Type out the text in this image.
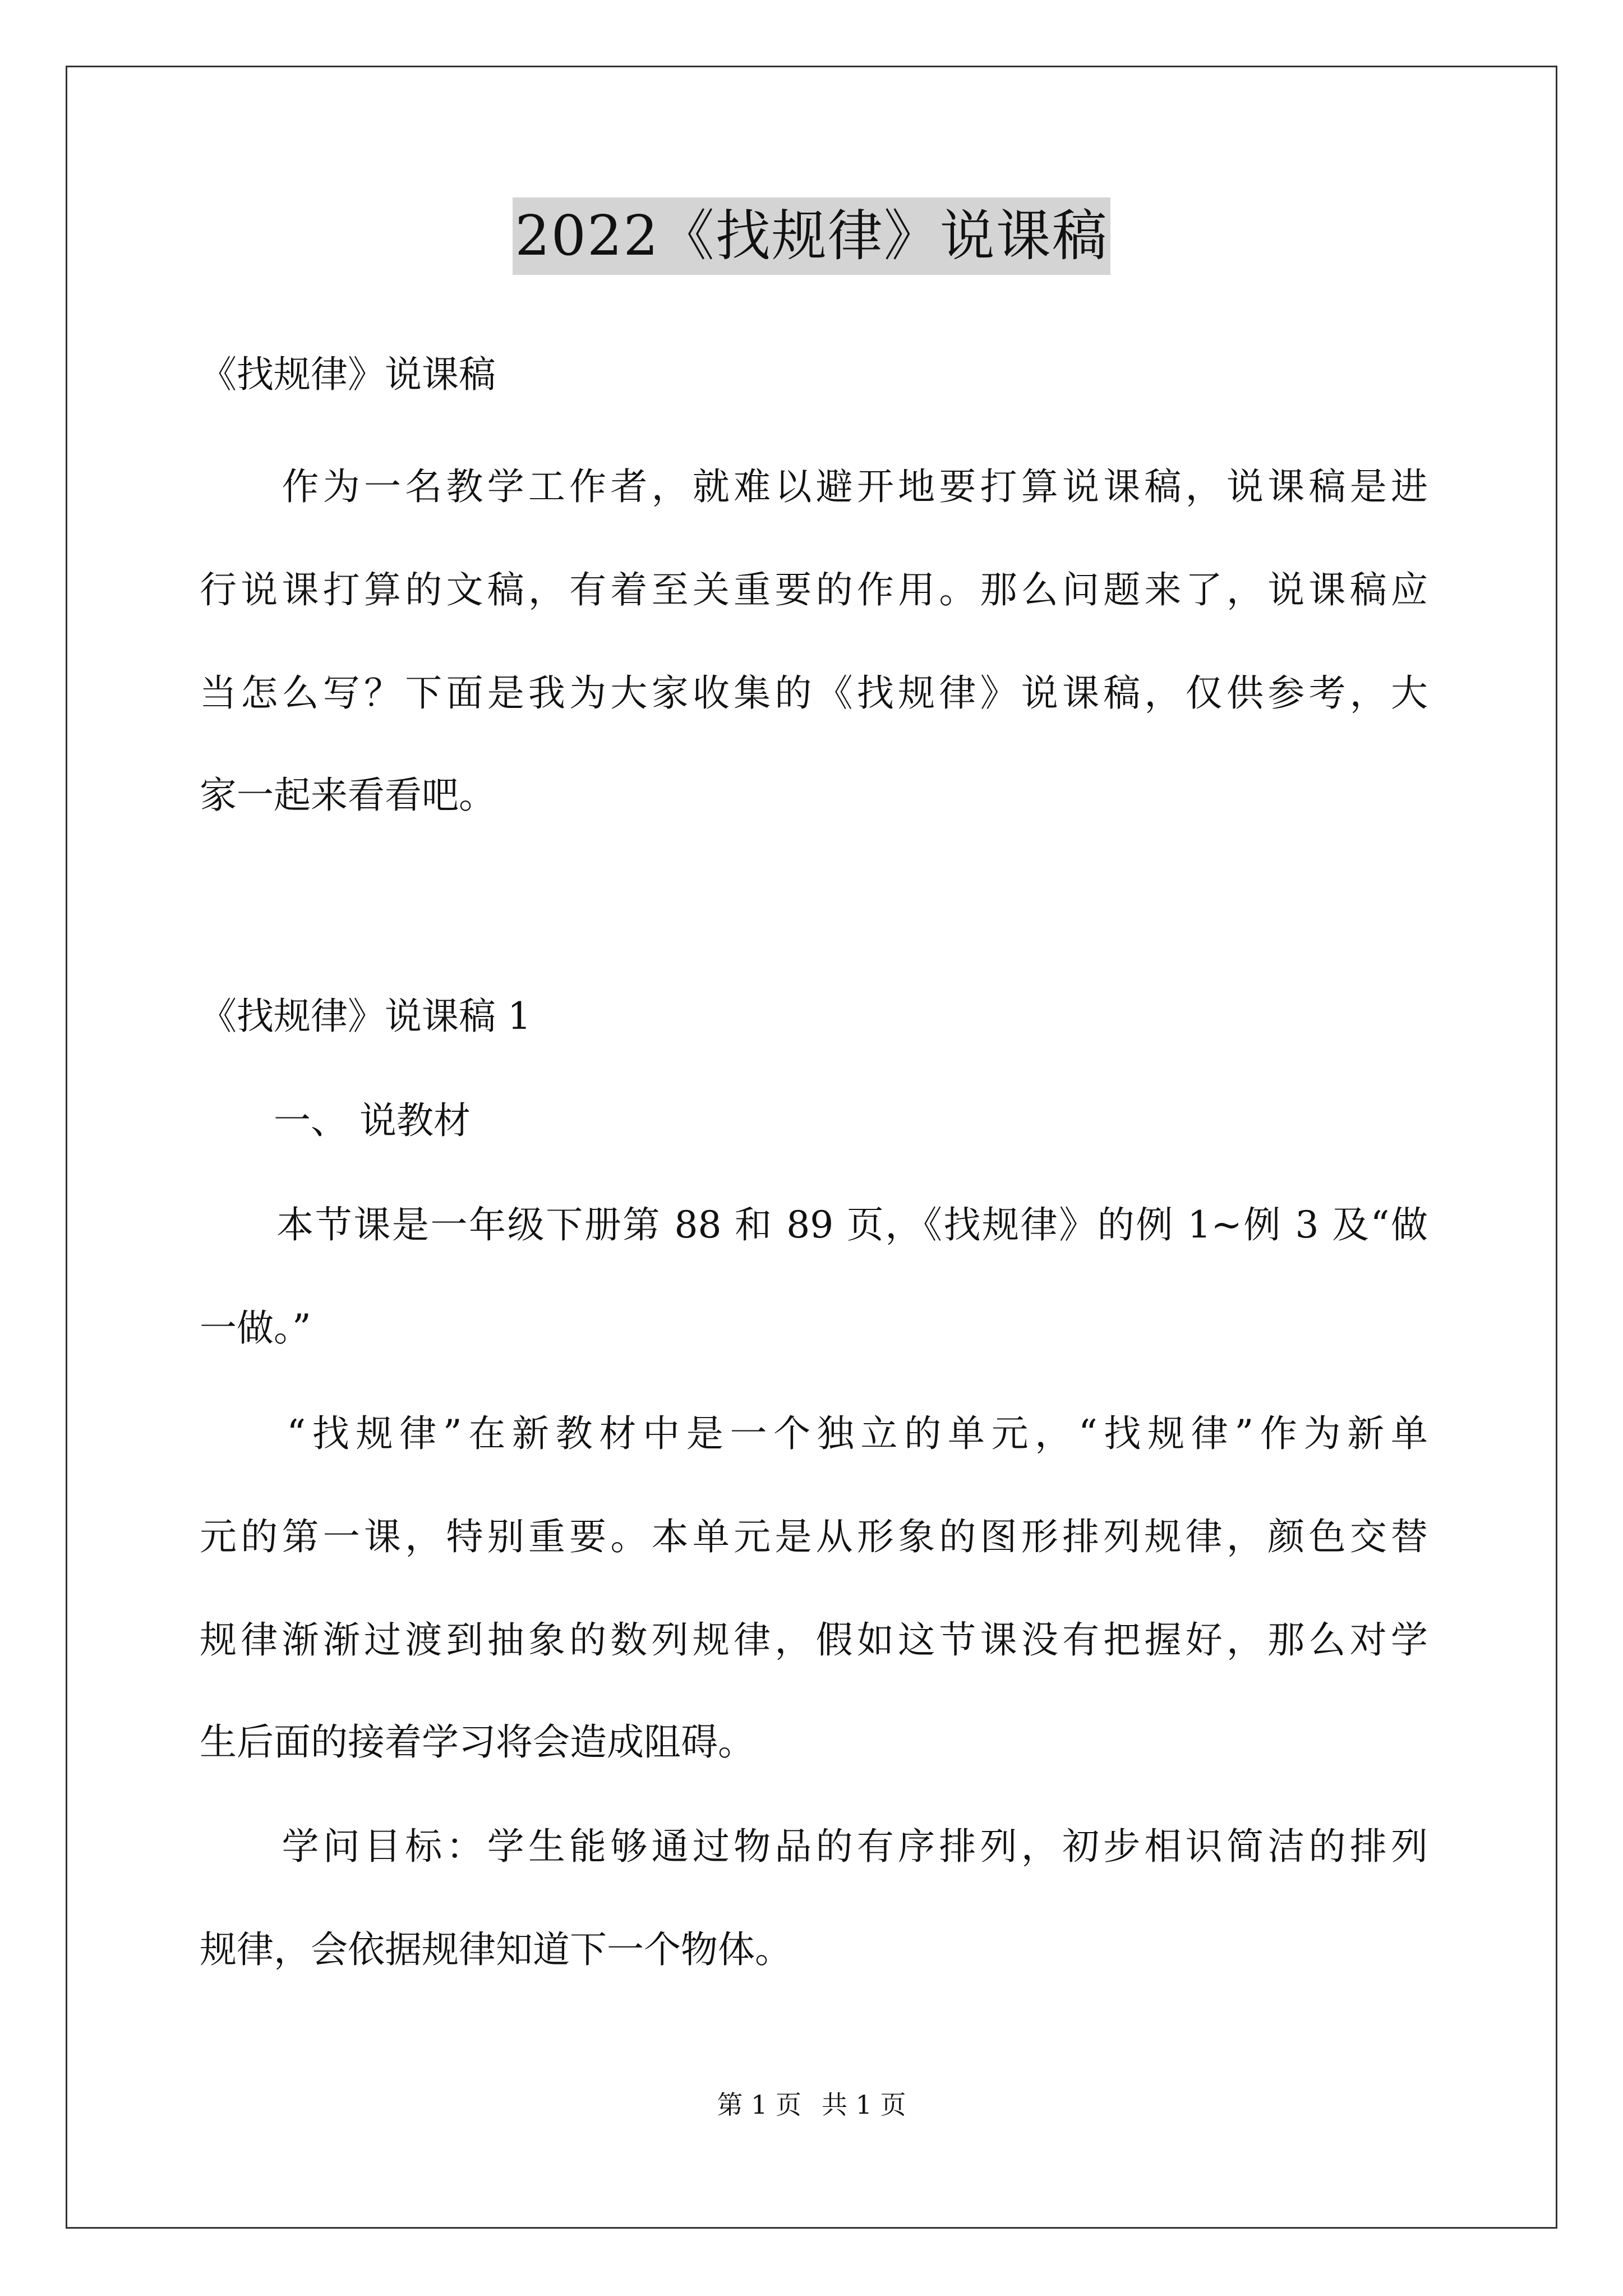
2022《找规律》说课稿
《找规律》说课稿
　　作为一名教学工作者，就难以避开地要打算说课稿，说课稿是进
行说课打算的文稿，有着至关重要的作用。那么问题来了，说课稿应
当怎么写？下面是我为大家收集的《找规律》说课稿，仅供参考，大
家一起来看看吧。
《找规律》说课稿 1
　　一、 说教材
　　本节课是一年级下册第 88 和 89 页，《找规律》的例 1~例 3 及“做
一做。”
　　“找规律”在新教材中是一个独立的单元，“找规律”作为新单
元的第一课，特别重要。本单元是从形象的图形排列规律，颜色交替
规律渐渐过渡到抽象的数列规律，假如这节课没有把握好，那么对学
生后面的接着学习将会造成阻碍。
　　学问目标：学生能够通过物品的有序排列，初步相识简洁的排列
规律，会依据规律知道下一个物体。
第 1 页 共 1 页
